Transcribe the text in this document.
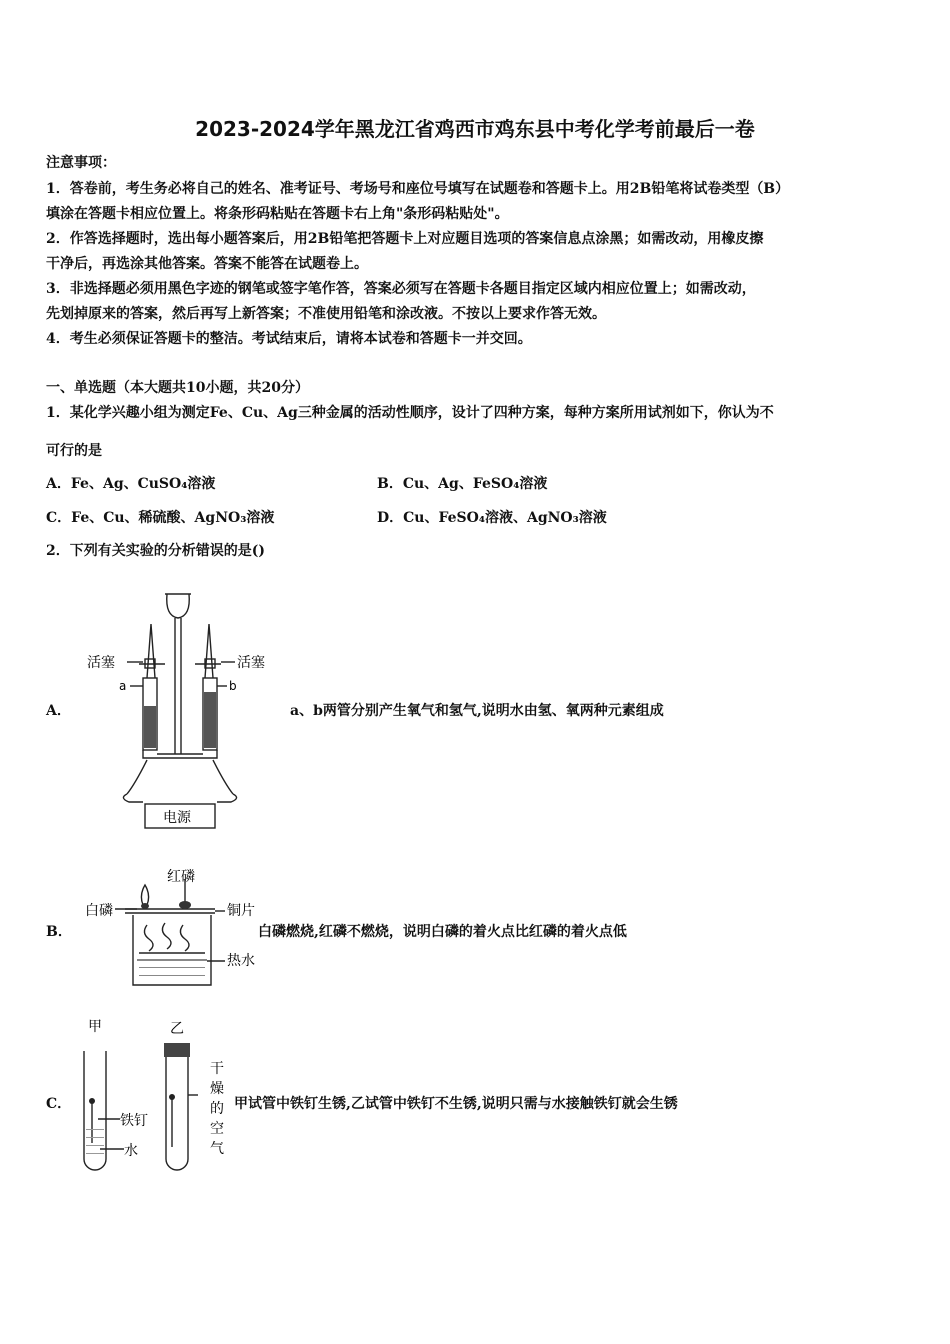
2023-2024学年黑龙江省鸡西市鸡东县中考化学考前最后一卷
注意事项：
1．答卷前，考生务必将自己的姓名、准考证号、考场号和座位号填写在试题卷和答题卡上。用2B铅笔将试卷类型（B）
填涂在答题卡相应位置上。将条形码粘贴在答题卡右上角"条形码粘贴处"。
2．作答选择题时，选出每小题答案后，用2B铅笔把答题卡上对应题目选项的答案信息点涂黑；如需改动，用橡皮擦
干净后，再选涂其他答案。答案不能答在试题卷上。
3．非选择题必须用黑色字迹的钢笔或签字笔作答，答案必须写在答题卡各题目指定区域内相应位置上；如需改动，
先划掉原来的答案，然后再写上新答案；不准使用铅笔和涂改液。不按以上要求作答无效。
4．考生必须保证答题卡的整洁。考试结束后，请将本试卷和答题卡一并交回。
一、单选题（本大题共10小题，共20分）
1．某化学兴趣小组为测定Fe、Cu、Ag三种金属的活动性顺序，设计了四种方案，每种方案所用试剂如下，你认为不
可行的是
A．Fe、Ag、CuSO₄溶液	B．Cu、Ag、FeSO₄溶液
C．Fe、Cu、稀硫酸、AgNO₃溶液	D．Cu、FeSO₄溶液、AgNO₃溶液
2．下列有关实验的分析错误的是()
A．
活塞	活塞
a	b
电源
a、b两管分别产生氧气和氢气,说明水由氢、氧两种元素组成
B．
红磷
白磷	铜片
热水
白磷燃烧,红磷不燃烧，说明白磷的着火点比红磷的着火点低
C．
甲	乙
铁钉
水
干
燥
的
空
气
甲试管中铁钉生锈,乙试管中铁钉不生锈,说明只需与水接触铁钉就会生锈
